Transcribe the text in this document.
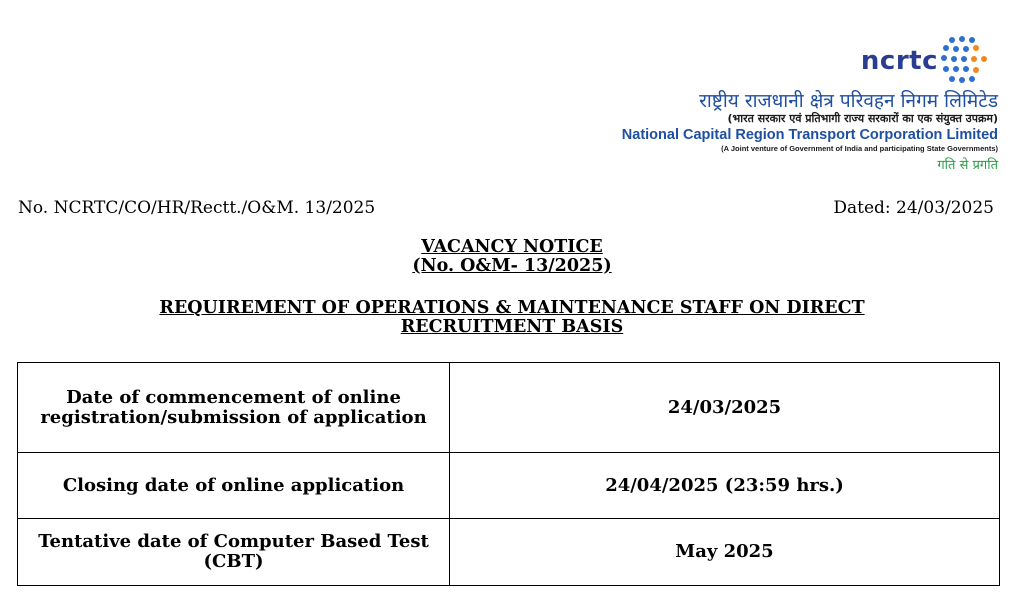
ncrtc
राष्ट्रीय राजधानी क्षेत्र परिवहन निगम लिमिटेड
(भारत सरकार एवं प्रतिभागी राज्य सरकारों का एक संयुक्त उपक्रम)
National Capital Region Transport Corporation Limited
(A Joint venture of Government of India and participating State Governments)
गति से प्रगति
No. NCRTC/CO/HR/Rectt./O&M. 13/2025	Dated: 24/03/2025
VACANCY NOTICE
(No. O&M- 13/2025)
REQUIREMENT OF OPERATIONS & MAINTENANCE STAFF ON DIRECT
RECRUITMENT BASIS
Date of commencement of online registration/submission of application	24/03/2025
Closing date of online application	24/04/2025 (23:59 hrs.)
Tentative date of Computer Based Test (CBT)	May 2025
